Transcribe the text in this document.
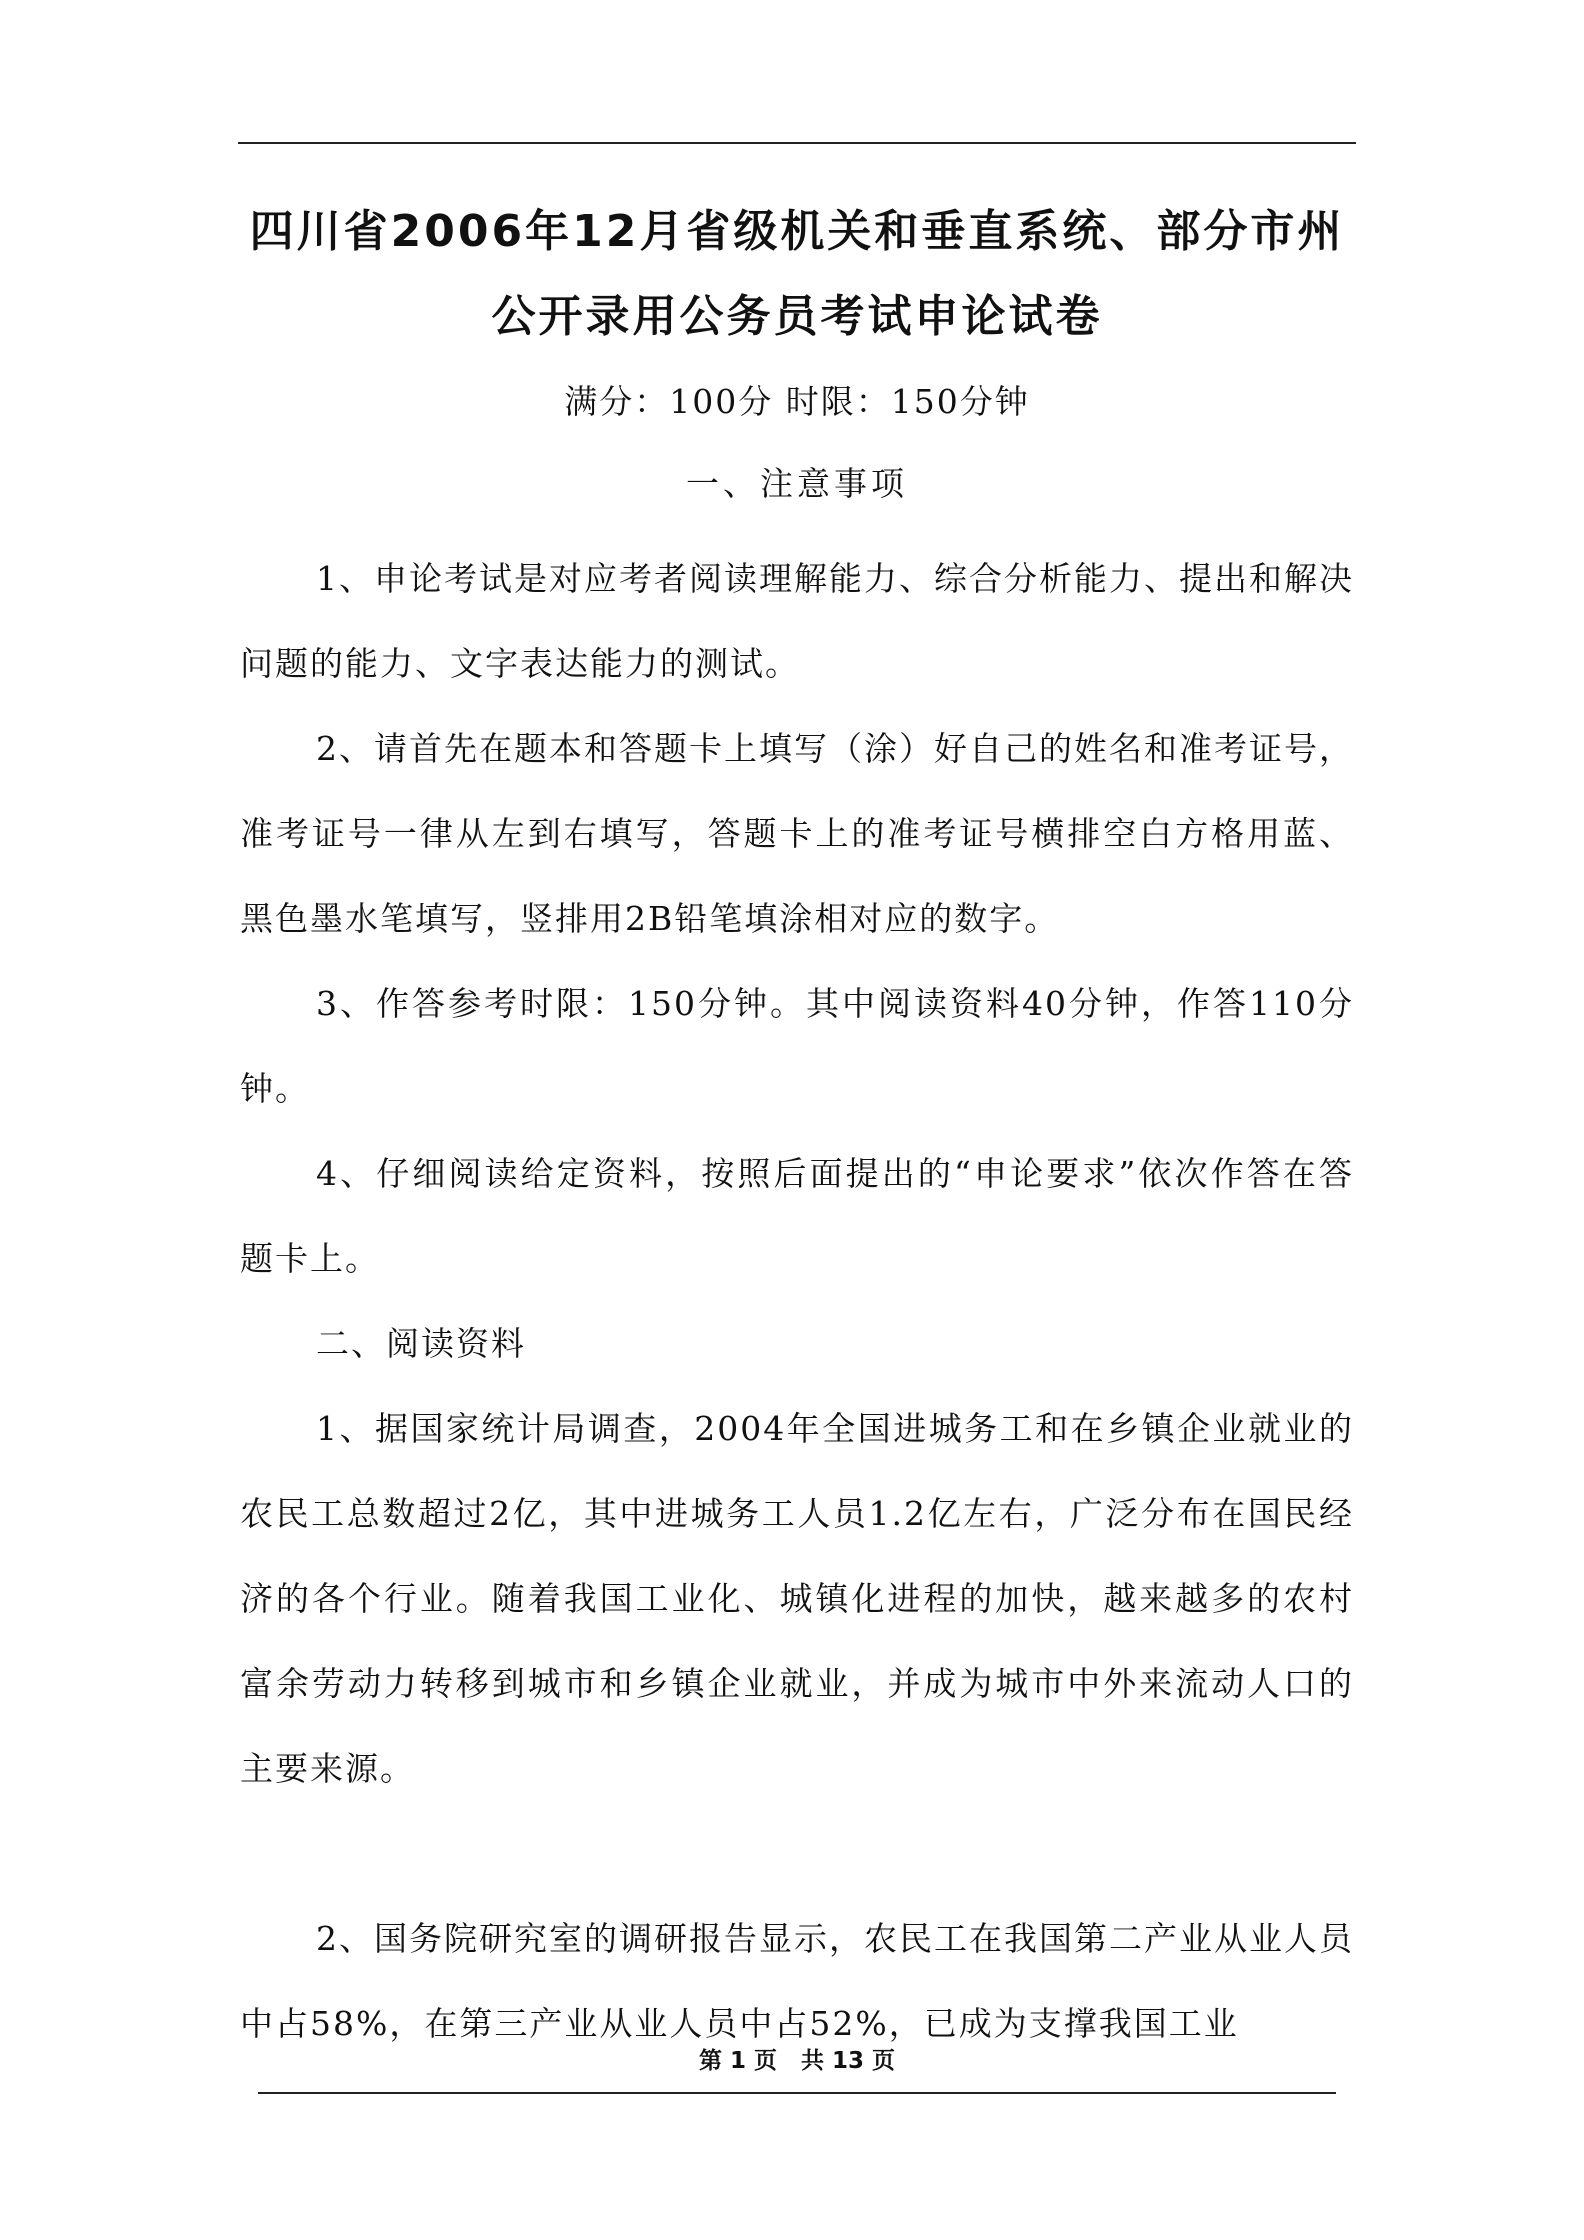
四川省2006年12月省级机关和垂直系统、部分市州
公开录用公务员考试申论试卷
满分：100分 时限：150分钟
一、注意事项

1、申论考试是对应考者阅读理解能力、综合分析能力、提出和解决问题的能力、文字表达能力的测试。

2、请首先在题本和答题卡上填写（涂）好自己的姓名和准考证号，准考证号一律从左到右填写，答题卡上的准考证号横排空白方格用蓝、黑色墨水笔填写，竖排用2B铅笔填涂相对应的数字。

3、作答参考时限：150分钟。其中阅读资料40分钟，作答110分钟。

4、仔细阅读给定资料，按照后面提出的“申论要求”依次作答在答题卡上。

二、阅读资料

1、据国家统计局调查，2004年全国进城务工和在乡镇企业就业的农民工总数超过2亿，其中进城务工人员1.2亿左右，广泛分布在国民经济的各个行业。随着我国工业化、城镇化进程的加快，越来越多的农村富余劳动力转移到城市和乡镇企业就业，并成为城市中外来流动人口的主要来源。

2、国务院研究室的调研报告显示，农民工在我国第二产业从业人员中占58%，在第三产业从业人员中占52%，已成为支撑我国工业

第 1 页   共 13 页
